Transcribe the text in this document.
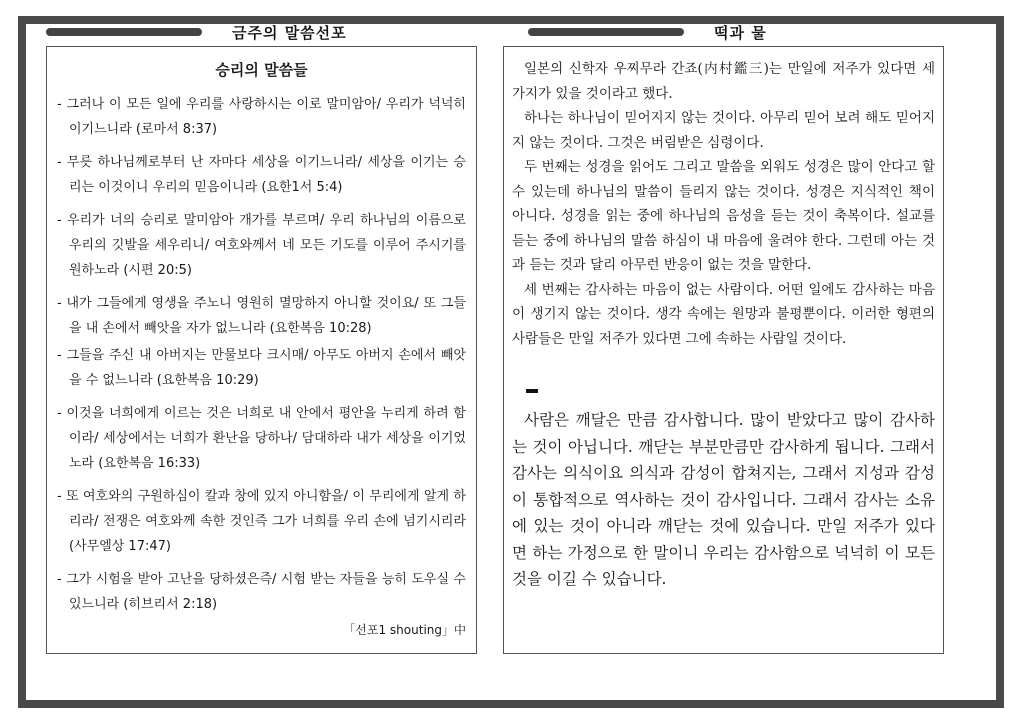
금주의 말씀선포	떡과 물
승리의 말씀들

- 그러나 이 모든 일에 우리를 사랑하시는 이로 말미암아/ 우리가 넉넉히 이기느니라 (로마서 8:37)

- 무릇 하나님께로부터 난 자마다 세상을 이기느니라/ 세상을 이기는 승리는 이것이니 우리의 믿음이니라 (요한1서 5:4)

- 우리가 너의 승리로 말미암아 개가를 부르며/ 우리 하나님의 이름으로 우리의 깃발을 세우리니/ 여호와께서 네 모든 기도를 이루어 주시기를 원하노라 (시편 20:5)

- 내가 그들에게 영생을 주노니 영원히 멸망하지 아니할 것이요/ 또 그들을 내 손에서 빼앗을 자가 없느니라 (요한복음 10:28)

- 그들을 주신 내 아버지는 만물보다 크시매/ 아무도 아버지 손에서 빼앗을 수 없느니라 (요한복음 10:29)

- 이것을 너희에게 이르는 것은 너희로 내 안에서 평안을 누리게 하려 함이라/ 세상에서는 너희가 환난을 당하나/ 담대하라 내가 세상을 이기었노라 (요한복음 16:33)

- 또 여호와의 구원하심이 칼과 창에 있지 아니함을/ 이 무리에게 알게 하리라/ 전쟁은 여호와께 속한 것인즉 그가 너희를 우리 손에 넘기시리라 (사무엘상 17:47)

- 그가 시험을 받아 고난을 당하셨은즉/ 시험 받는 자들을 능히 도우실 수 있느니라 (히브리서 2:18)

「선포1 shouting」中

일본의 신학자 우찌무라 간죠(内村鑑三)는 만일에 저주가 있다면 세 가지가 있을 것이라고 했다.

하나는 하나님이 믿어지지 않는 것이다. 아무리 믿어 보려 해도 믿어지지 않는 것이다. 그것은 버림받은 심령이다.

두 번째는 성경을 읽어도 그리고 말씀을 외워도 성경은 많이 안다고 할 수 있는데 하나님의 말씀이 들리지 않는 것이다. 성경은 지식적인 책이 아니다. 성경을 읽는 중에 하나님의 음성을 듣는 것이 축복이다. 설교를 듣는 중에 하나님의 말씀 하심이 내 마음에 울려야 한다. 그런데 아는 것과 듣는 것과 달리 아무런 반응이 없는 것을 말한다.

세 번째는 감사하는 마음이 없는 사람이다. 어떤 일에도 감사하는 마음이 생기지 않는 것이다. 생각 속에는 원망과 불평뿐이다. 이러한 형편의 사람들은 만일 저주가 있다면 그에 속하는 사람일 것이다.

사람은 깨달은 만큼 감사합니다. 많이 받았다고 많이 감사하는 것이 아닙니다. 깨닫는 부분만큼만 감사하게 됩니다. 그래서 감사는 의식이요 의식과 감성이 합쳐지는, 그래서 지성과 감성이 통합적으로 역사하는 것이 감사입니다. 그래서 감사는 소유에 있는 것이 아니라 깨닫는 것에 있습니다. 만일 저주가 있다면 하는 가정으로 한 말이니 우리는 감사함으로 넉넉히 이 모든 것을 이길 수 있습니다.
